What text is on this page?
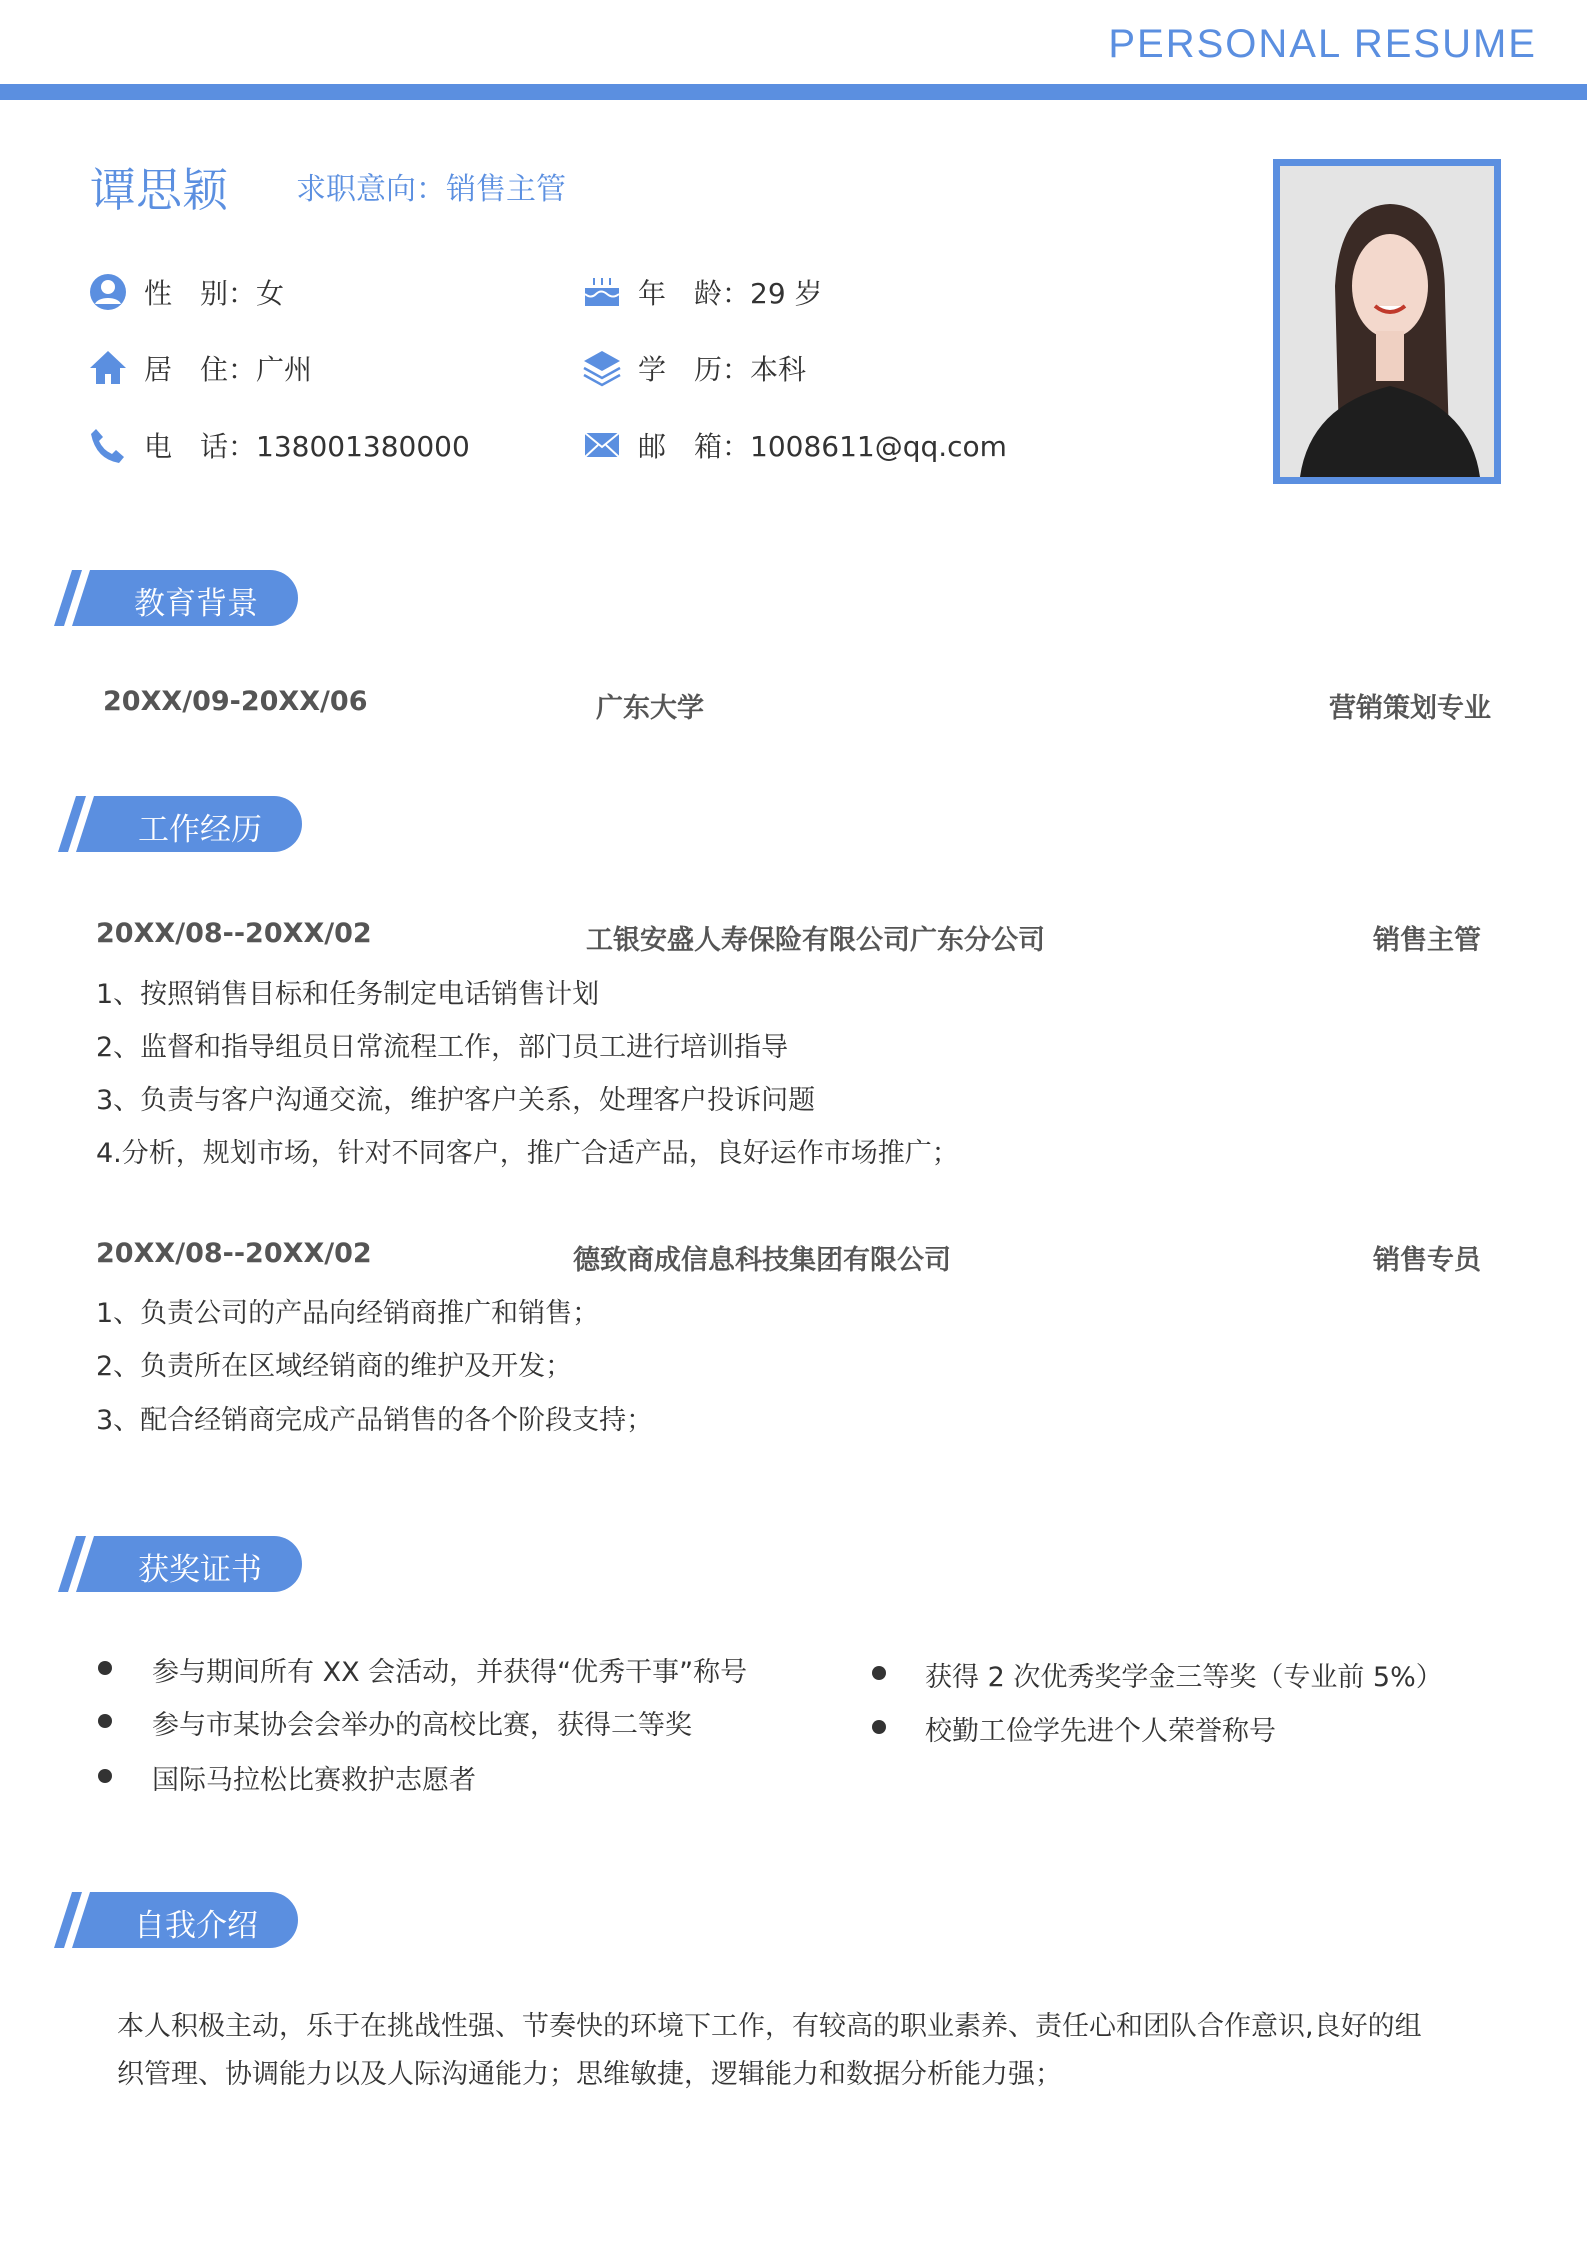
PERSONAL RESUME
谭思颖 求职意向：销售主管
性　别：女	年　龄：29 岁
居　住：广州	学　历：本科
电　话：138001380000	邮　箱：1008611@qq.com
教育背景
20XX/09-20XX/06	广东大学	营销策划专业
工作经历
20XX/08--20XX/02	工银安盛人寿保险有限公司广东分公司	销售主管
1、按照销售目标和任务制定电话销售计划
2、监督和指导组员日常流程工作，部门员工进行培训指导
3、负责与客户沟通交流，维护客户关系，处理客户投诉问题
4.分析，规划市场，针对不同客户，推广合适产品，良好运作市场推广；
20XX/08--20XX/02	德致商成信息科技集团有限公司	销售专员
1、负责公司的产品向经销商推广和销售；
2、负责所在区域经销商的维护及开发；
3、配合经销商完成产品销售的各个阶段支持；
获奖证书
参与期间所有 XX 会活动，并获得“优秀干事”称号
参与市某协会会举办的高校比赛，获得二等奖
国际马拉松比赛救护志愿者
获得 2 次优秀奖学金三等奖（专业前 5%）
校勤工俭学先进个人荣誉称号
自我介绍
本人积极主动，乐于在挑战性强、节奏快的环境下工作，有较高的职业素养、责任心和团队合作意识,良好的组
织管理、协调能力以及人际沟通能力；思维敏捷，逻辑能力和数据分析能力强；
